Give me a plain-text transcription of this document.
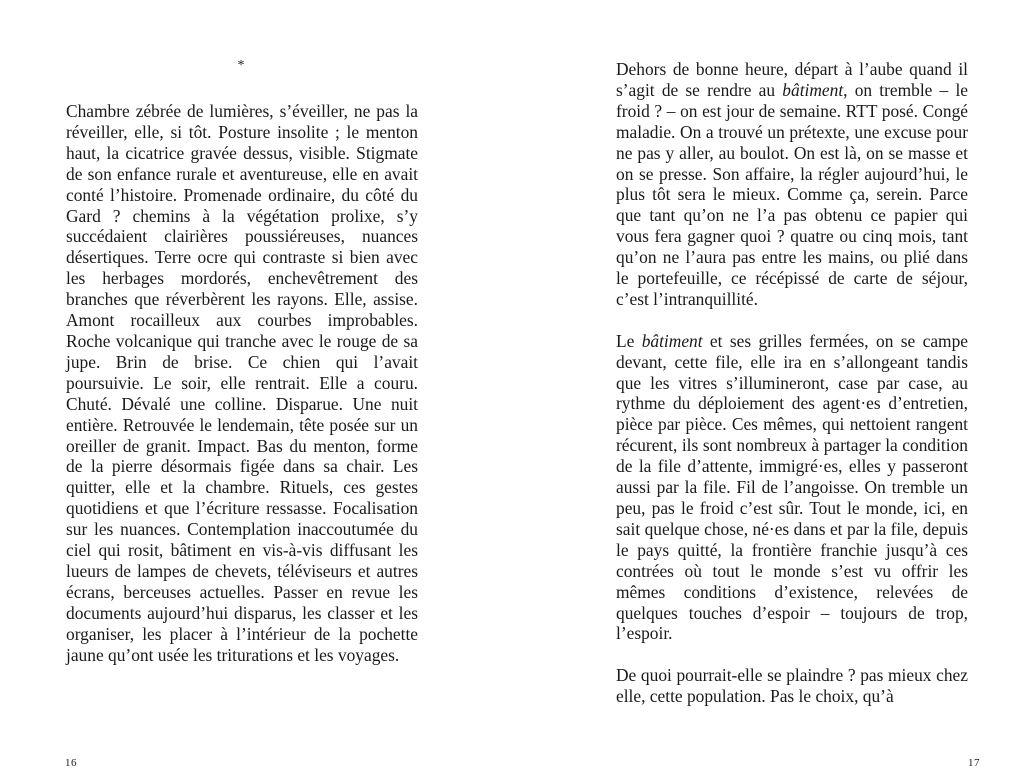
*

Chambre zébrée de lumières, s’éveiller, ne pas la réveiller, elle, si tôt. Posture insolite ; le menton haut, la cicatrice gravée dessus, visible. Stigmate de son enfance rurale et aventureuse, elle en avait conté l’histoire. Promenade ordinaire, du côté du Gard ? chemins à la végétation prolixe, s’y succédaient clairières poussiéreuses, nuances désertiques. Terre ocre qui contraste si bien avec les herbages mordorés, enchevêtrement des branches que réverbèrent les rayons. Elle, assise. Amont rocailleux aux courbes improbables. Roche volcanique qui tranche avec le rouge de sa jupe. Brin de brise. Ce chien qui l’avait poursuivie. Le soir, elle rentrait. Elle a couru. Chuté. Dévalé une colline. Disparue. Une nuit entière. Retrouvée le lendemain, tête posée sur un oreiller de granit. Impact. Bas du menton, forme de la pierre désormais figée dans sa chair. Les quitter, elle et la chambre. Rituels, ces gestes quotidiens et que l’écriture ressasse. Focalisation sur les nuances. Contemplation inaccoutumée du ciel qui rosit, bâtiment en vis-à-vis diffusant les lueurs de lampes de chevets, téléviseurs et autres écrans, berceuses actuelles. Passer en revue les documents aujourd’hui disparus, les classer et les organiser, les placer à l’intérieur de la pochette jaune qu’ont usée les triturations et les voyages.

16

Dehors de bonne heure, départ à l’aube quand il s’agit de se rendre au bâtiment, on tremble – le froid ? – on est jour de semaine. RTT posé. Congé maladie. On a trouvé un prétexte, une excuse pour ne pas y aller, au boulot. On est là, on se masse et on se presse. Son affaire, la régler aujourd’hui, le plus tôt sera le mieux. Comme ça, serein. Parce que tant qu’on ne l’a pas obtenu ce papier qui vous fera gagner quoi ? quatre ou cinq mois, tant qu’on ne l’aura pas entre les mains, ou plié dans le portefeuille, ce récépissé de carte de séjour, c’est l’intranquillité.

Le bâtiment et ses grilles fermées, on se campe devant, cette file, elle ira en s’allongeant tandis que les vitres s’illumineront, case par case, au rythme du déploiement des agent·es d’entretien, pièce par pièce. Ces mêmes, qui nettoient rangent récurent, ils sont nombreux à partager la condition de la file d’attente, immigré·es, elles y passeront aussi par la file. Fil de l’angoisse. On tremble un peu, pas le froid c’est sûr. Tout le monde, ici, en sait quelque chose, né·es dans et par la file, depuis le pays quitté, la frontière franchie jusqu’à ces contrées où tout le monde s’est vu offrir les mêmes conditions d’existence, relevées de quelques touches d’espoir – toujours de trop, l’espoir.

De quoi pourrait-elle se plaindre ? pas mieux chez elle, cette population. Pas le choix, qu’à

17
